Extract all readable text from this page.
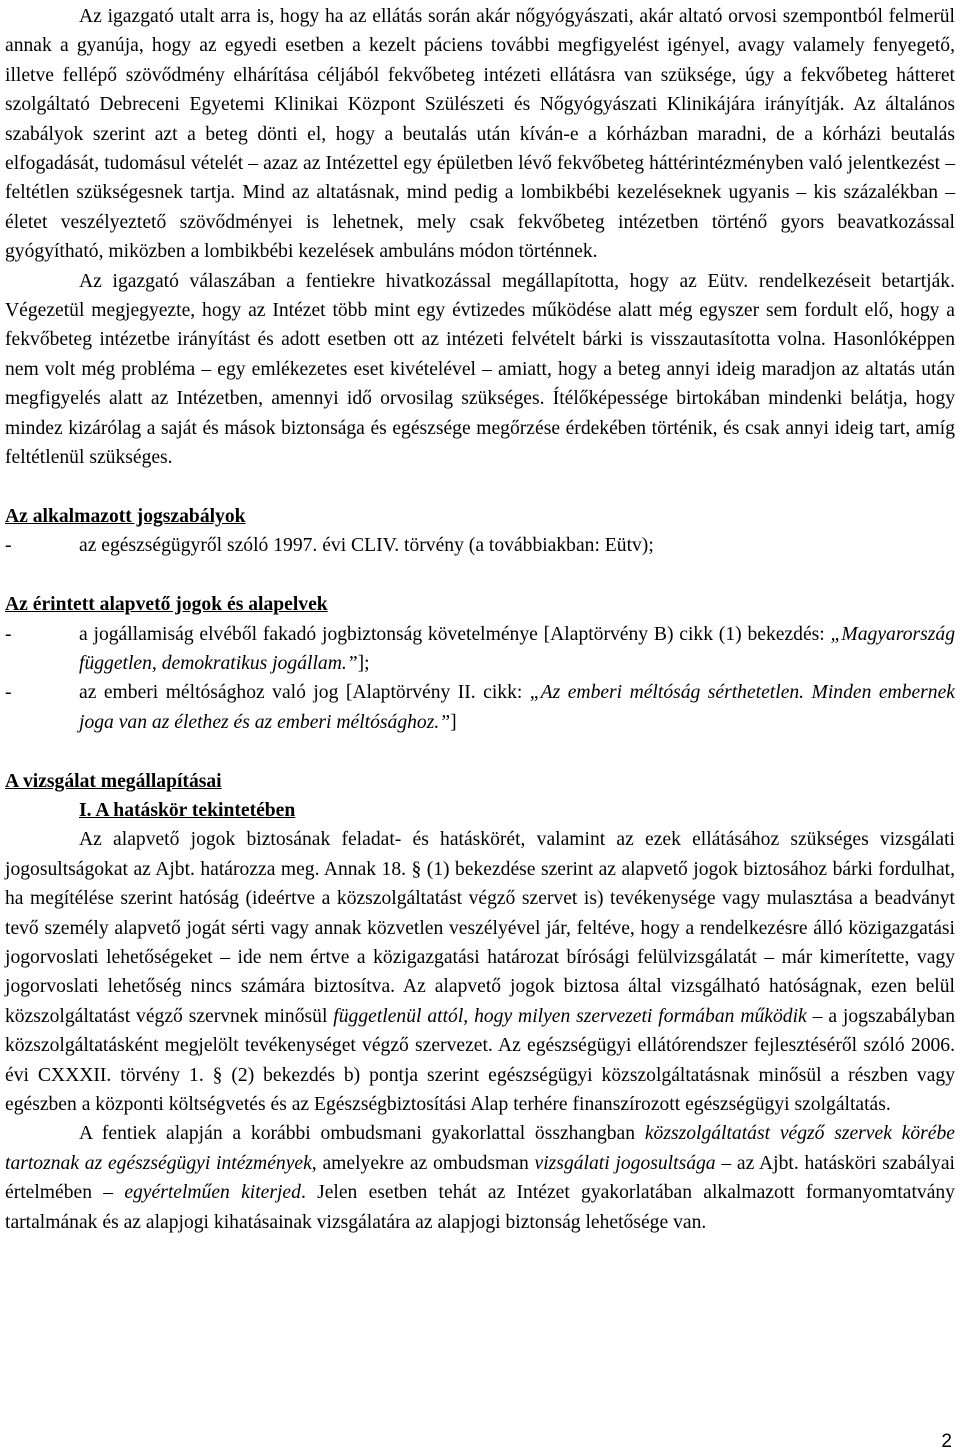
Az igazgató utalt arra is, hogy ha az ellátás során akár nőgyógyászati, akár altató orvosi szempontból felmerül annak a gyanúja, hogy az egyedi esetben a kezelt páciens további megfigyelést igényel, avagy valamely fenyegető, illetve fellépő szövődmény elhárítása céljából fekvőbeteg intézeti ellátásra van szüksége, úgy a fekvőbeteg hátteret szolgáltató Debreceni Egyetemi Klinikai Központ Szülészeti és Nőgyógyászati Klinikájára irányítják. Az általános szabályok szerint azt a beteg dönti el, hogy a beutalás után kíván-e a kórházban maradni, de a kórházi beutalás elfogadását, tudomásul vételét – azaz az Intézettel egy épületben lévő fekvőbeteg háttérintézményben való jelentkezést – feltétlen szükségesnek tartja. Mind az altatásnak, mind pedig a lombikbébi kezeléseknek ugyanis – kis százalékban – életet veszélyeztető szövődményei is lehetnek, mely csak fekvőbeteg intézetben történő gyors beavatkozással gyógyítható, miközben a lombikbébi kezelések ambuláns módon történnek.

Az igazgató válaszában a fentiekre hivatkozással megállapította, hogy az Eütv. rendelkezéseit betartják. Végezetül megjegyezte, hogy az Intézet több mint egy évtizedes működése alatt még egyszer sem fordult elő, hogy a fekvőbeteg intézetbe irányítást és adott esetben ott az intézeti felvételt bárki is visszautasította volna. Hasonlóképpen nem volt még probléma – egy emlékezetes eset kivételével – amiatt, hogy a beteg annyi ideig maradjon az altatás után megfigyelés alatt az Intézetben, amennyi idő orvosilag szükséges. Ítélőképessége birtokában mindenki belátja, hogy mindez kizárólag a saját és mások biztonsága és egészsége megőrzése érdekében történik, és csak annyi ideig tart, amíg feltétlenül szükséges.

Az alkalmazott jogszabályok

-	az egészségügyről szóló 1997. évi CLIV. törvény (a továbbiakban: Eütv);

Az érintett alapvető jogok és alapelvek

-	a jogállamiság elvéből fakadó jogbiztonság követelménye [Alaptörvény B) cikk (1) bekezdés: „Magyarország független, demokratikus jogállam.”];

-	az emberi méltósághoz való jog [Alaptörvény II. cikk: „Az emberi méltóság sérthetetlen. Minden embernek joga van az élethez és az emberi méltósághoz.”]

A vizsgálat megállapításai

I. A hatáskör tekintetében

Az alapvető jogok biztosának feladat- és hatáskörét, valamint az ezek ellátásához szükséges vizsgálati jogosultságokat az Ajbt. határozza meg. Annak 18. § (1) bekezdése szerint az alapvető jogok biztosához bárki fordulhat, ha megítélése szerint hatóság (ideértve a közszolgáltatást végző szervet is) tevékenysége vagy mulasztása a beadványt tevő személy alapvető jogát sérti vagy annak közvetlen veszélyével jár, feltéve, hogy a rendelkezésre álló közigazgatási jogorvoslati lehetőségeket – ide nem értve a közigazgatási határozat bírósági felülvizsgálatát – már kimerítette, vagy jogorvoslati lehetőség nincs számára biztosítva. Az alapvető jogok biztosa által vizsgálható hatóságnak, ezen belül közszolgáltatást végző szervnek minősül függetlenül attól, hogy milyen szervezeti formában működik – a jogszabályban közszolgáltatásként megjelölt tevékenységet végző szervezet. Az egészségügyi ellátórendszer fejlesztéséről szóló 2006. évi CXXXII. törvény 1. § (2) bekezdés b) pontja szerint egészségügyi közszolgáltatásnak minősül a részben vagy egészben a központi költségvetés és az Egészségbiztosítási Alap terhére finanszírozott egészségügyi szolgáltatás.

A fentiek alapján a korábbi ombudsmani gyakorlattal összhangban közszolgáltatást végző szervek körébe tartoznak az egészségügyi intézmények, amelyekre az ombudsman vizsgálati jogosultsága – az Ajbt. hatásköri szabályai értelmében – egyértelműen kiterjed. Jelen esetben tehát az Intézet gyakorlatában alkalmazott formanyomtatvány tartalmának és az alapjogi kihatásainak vizsgálatára az alapjogi biztonság lehetősége van.

2
